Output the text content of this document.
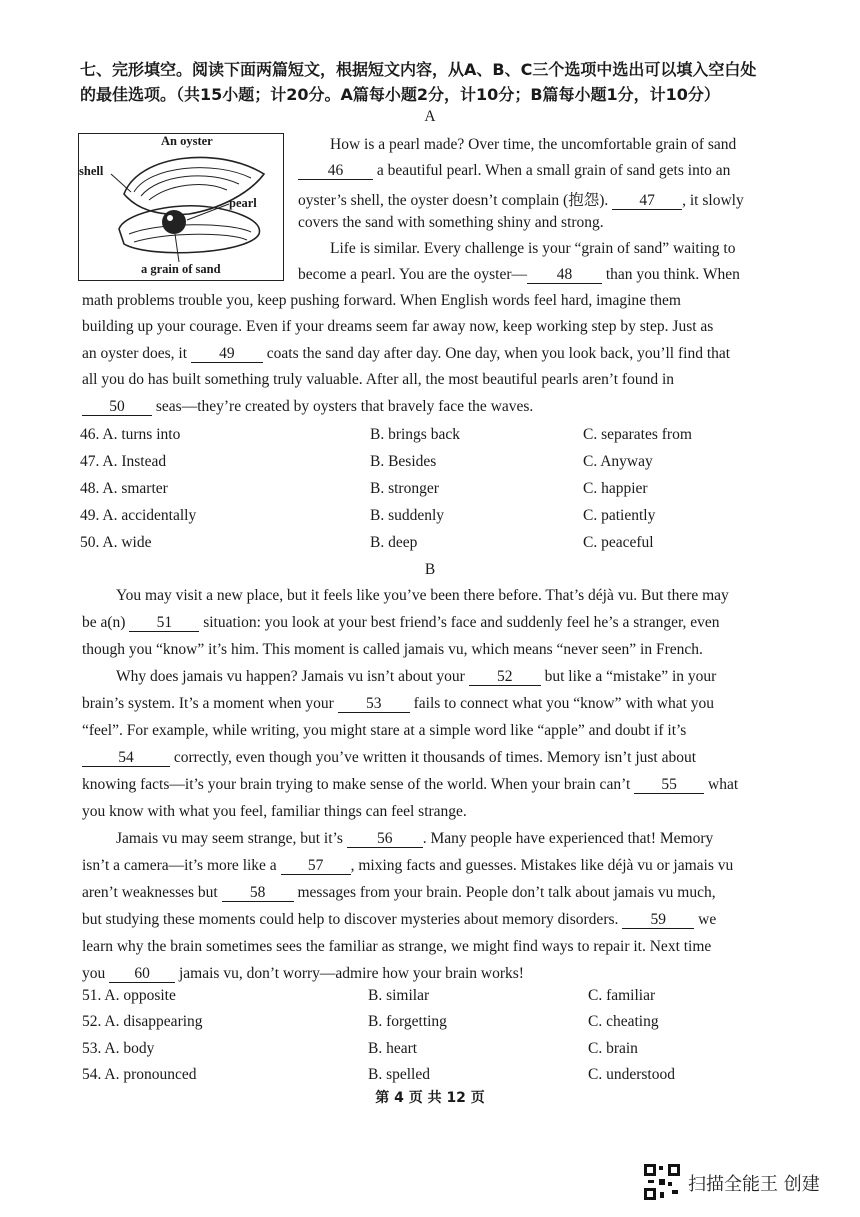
七、完形填空。阅读下面两篇短文，根据短文内容，从A、B、C三个选项中选出可以填入空白处
的最佳选项。（共15小题；计20分。A篇每小题2分，计10分；B篇每小题1分，计10分）
A
An oyster
shell
pearl
a grain of sand
How is a pearl made? Over time, the uncomfortable grain of sand
46 a beautiful pearl. When a small grain of sand gets into an
oyster’s shell, the oyster doesn’t complain (抱怨). 47 , it slowly
covers the sand with something shiny and strong.
Life is similar. Every challenge is your “grain of sand” waiting to
become a pearl. You are the oyster— 48 than you think. When
math problems trouble you, keep pushing forward. When English words feel hard, imagine them
building up your courage. Even if your dreams seem far away now, keep working step by step. Just as
an oyster does, it 49 coats the sand day after day. One day, when you look back, you’ll find that
all you do has built something truly valuable. After all, the most beautiful pearls aren’t found in
50 seas—they’re created by oysters that bravely face the waves.
46. A. turns into	B. brings back	C. separates from
47. A. Instead	B. Besides	C. Anyway
48. A. smarter	B. stronger	C. happier
49. A. accidentally	B. suddenly	C. patiently
50. A. wide	B. deep	C. peaceful
B
You may visit a new place, but it feels like you’ve been there before. That’s déjà vu. But there may
be a(n) 51 situation: you look at your best friend’s face and suddenly feel he’s a stranger, even
though you “know” it’s him. This moment is called jamais vu, which means “never seen” in French.
Why does jamais vu happen? Jamais vu isn’t about your 52 but like a “mistake” in your
brain’s system. It’s a moment when your 53 fails to connect what you “know” with what you
“feel”. For example, while writing, you might stare at a simple word like “apple” and doubt if it’s
54 correctly, even though you’ve written it thousands of times. Memory isn’t just about
knowing facts—it’s your brain trying to make sense of the world. When your brain can’t 55 what
you know with what you feel, familiar things can feel strange.
Jamais vu may seem strange, but it’s 56 . Many people have experienced that! Memory
isn’t a camera—it’s more like a 57 , mixing facts and guesses. Mistakes like déjà vu or jamais vu
aren’t weaknesses but 58 messages from your brain. People don’t talk about jamais vu much,
but studying these moments could help to discover mysteries about memory disorders. 59 we
learn why the brain sometimes sees the familiar as strange, we might find ways to repair it. Next time
you 60 jamais vu, don’t worry—admire how your brain works!
51. A. opposite	B. similar	C. familiar
52. A. disappearing	B. forgetting	C. cheating
53. A. body	B. heart	C. brain
54. A. pronounced	B. spelled	C. understood
第 4 页 共 12 页
扫描全能王 创建
